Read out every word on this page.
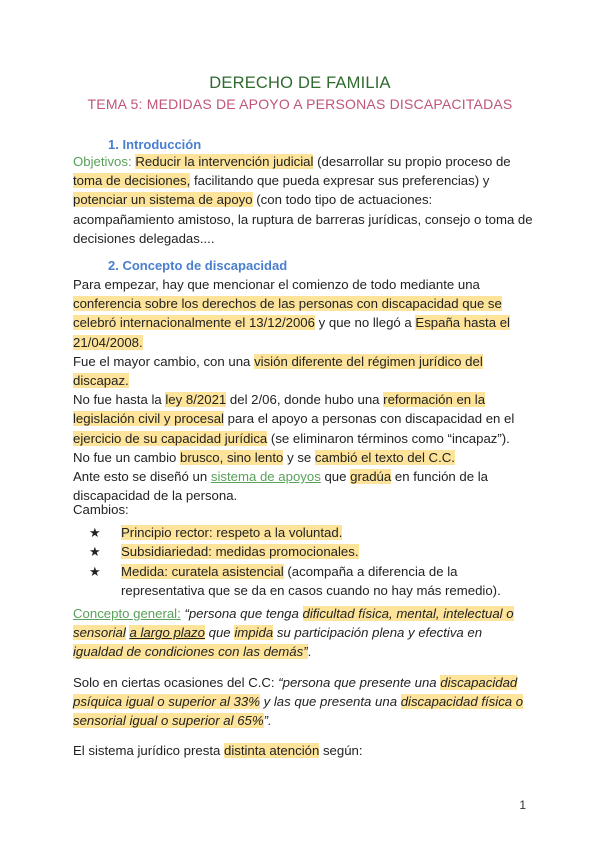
DERECHO DE FAMILIA
TEMA 5: MEDIDAS DE APOYO A PERSONAS DISCAPACITADAS
1. Introducción

Objetivos: Reducir la intervención judicial (desarrollar su propio proceso de toma de decisiones, facilitando que pueda expresar sus preferencias) y potenciar un sistema de apoyo (con todo tipo de actuaciones: acompañamiento amistoso, la ruptura de barreras jurídicas, consejo o toma de decisiones delegadas....

2. Concepto de discapacidad

Para empezar, hay que mencionar el comienzo de todo mediante una conferencia sobre los derechos de las personas con discapacidad que se celebró internacionalmente el 13/12/2006 y que no llegó a España hasta el 21/04/2008.

Fue el mayor cambio, con una visión diferente del régimen jurídico del discapaz.

No fue hasta la ley 8/2021 del 2/06, donde hubo una reformación en la legislación civil y procesal para el apoyo a personas con discapacidad en el ejercicio de su capacidad jurídica (se eliminaron términos como “incapaz”).

No fue un cambio brusco, sino lento y se cambió el texto del C.C.

Ante esto se diseñó un sistema de apoyos que gradúa en función de la discapacidad de la persona.

Cambios:

★ Principio rector: respeto a la voluntad.
★ Subsidiariedad: medidas promocionales.
★ Medida: curatela asistencial (acompaña a diferencia de la representativa que se da en casos cuando no hay más remedio).

Concepto general: “persona que tenga dificultad física, mental, intelectual o sensorial a largo plazo que impida su participación plena y efectiva en igualdad de condiciones con las demás”.

Solo en ciertas ocasiones del C.C: “persona que presente una discapacidad psíquica igual o superior al 33% y las que presenta una discapacidad física o sensorial igual o superior al 65%”.

El sistema jurídico presta distinta atención según:

1
